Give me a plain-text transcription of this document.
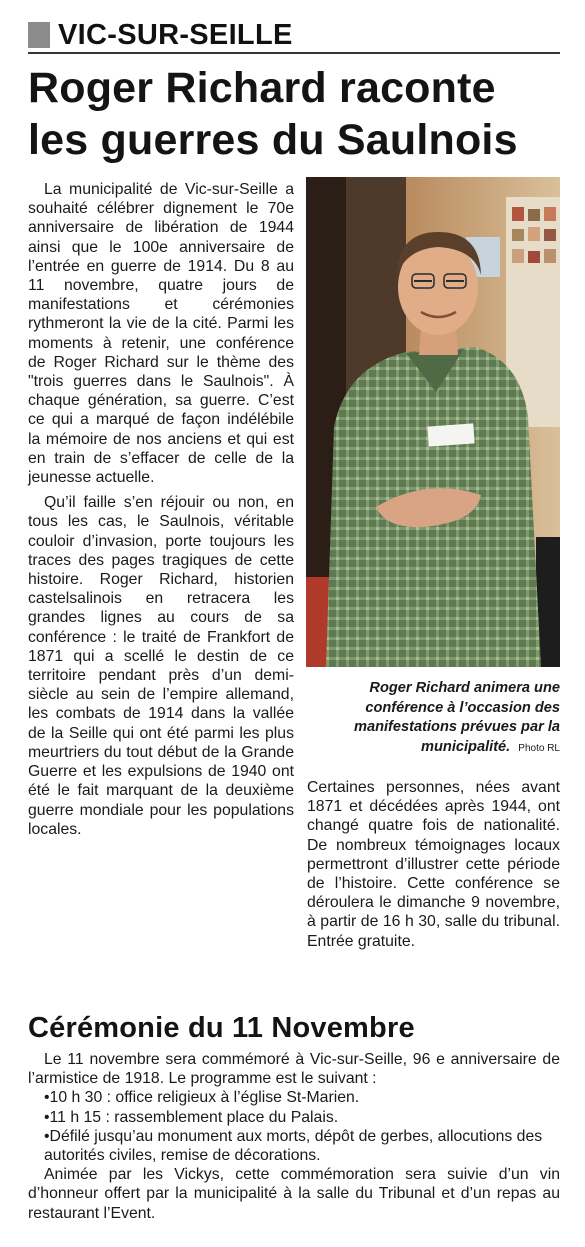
VIC-SUR-SEILLE
Roger Richard raconte
les guerres du Saulnois

La municipalité de Vic-sur-Seille a souhaité célébrer dignement le 70e anniversaire de libération de 1944 ainsi que le 100e anniversaire de l’entrée en guerre de 1914. Du 8 au 11 novembre, quatre jours de manifestations et cérémonies rythmeront la vie de la cité. Parmi les moments à retenir, une conférence de Roger Richard sur le thème des "trois guerres dans le Saulnois". À chaque génération, sa guerre. C’est ce qui a marqué de façon indélébile la mémoire de nos anciens et qui est en train de s’effacer de celle de la jeunesse actuelle.

Qu’il faille s’en réjouir ou non, en tous les cas, le Saulnois, véritable couloir d’invasion, porte toujours les traces des pages tragiques de cette histoire. Roger Richard, historien castelsalinois en retracera les grandes lignes au cours de sa conférence : le traité de Frankfort de 1871 qui a scellé le destin de ce territoire pendant près d’un demi-siècle au sein de l’empire allemand, les combats de 1914 dans la vallée de la Seille qui ont été parmi les plus meurtriers du tout début de la Grande Guerre et les expulsions de 1940 ont été le fait marquant de la deuxième guerre mondiale pour les populations locales.

Roger Richard animera une conférence à l’occasion des manifestations prévues par la municipalité. Photo RL

Certaines personnes, nées avant 1871 et décédées après 1944, ont changé quatre fois de nationalité. De nombreux témoignages locaux permettront d’illustrer cette période de l’histoire. Cette conférence se déroulera le dimanche 9 novembre, à partir de 16 h 30, salle du tribunal. Entrée gratuite.

Cérémonie du 11 Novembre

Le 11 novembre sera commémoré à Vic-sur-Seille, 96 e anniversaire de l’armistice de 1918. Le programme est le suivant :

•10 h 30 : office religieux à l’église St-Marien.

•11 h 15 : rassemblement place du Palais.

•Défilé jusqu’au monument aux morts, dépôt de gerbes, allocutions des autorités civiles, remise de décorations.

Animée par les Vickys, cette commémoration sera suivie d’un vin d’honneur offert par la municipalité à la salle du Tribunal et d’un repas au restaurant l’Event.
